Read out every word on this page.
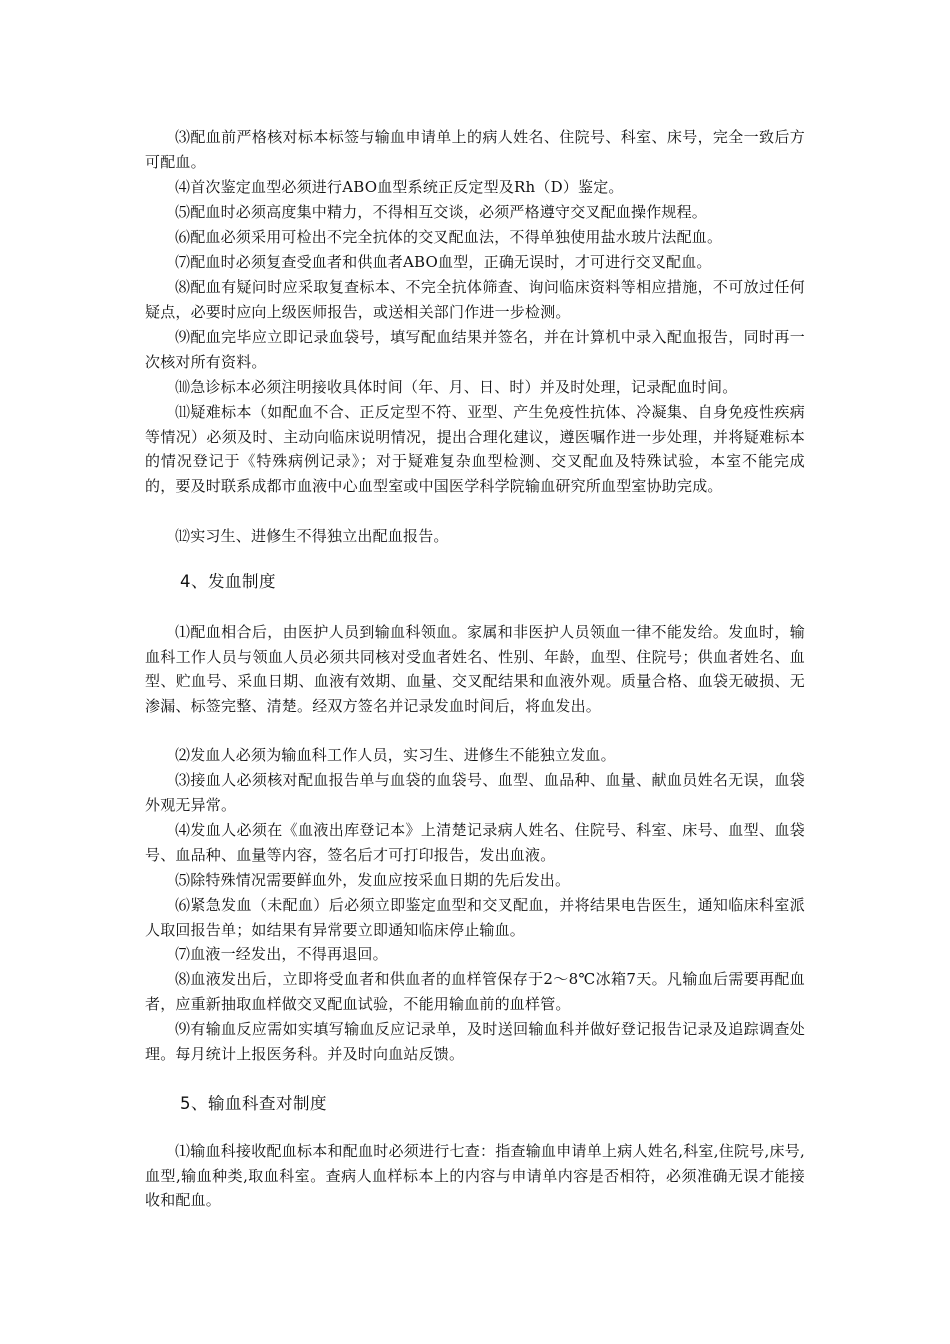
⑶配血前严格核对标本标签与输血申请单上的病人姓名、住院号、科室、床号，完全一致后方可配血。

⑷首次鉴定血型必须进行ABO血型系统正反定型及Rh（D）鉴定。

⑸配血时必须高度集中精力，不得相互交谈，必须严格遵守交叉配血操作规程。

⑹配血必须采用可检出不完全抗体的交叉配血法，不得单独使用盐水玻片法配血。

⑺配血时必须复查受血者和供血者ABO血型，正确无误时，才可进行交叉配血。

⑻配血有疑问时应采取复查标本、不完全抗体筛查、询问临床资料等相应措施，不可放过任何疑点，必要时应向上级医师报告，或送相关部门作进一步检测。

⑼配血完毕应立即记录血袋号，填写配血结果并签名，并在计算机中录入配血报告，同时再一次核对所有资料。

⑽急诊标本必须注明接收具体时间（年、月、日、时）并及时处理，记录配血时间。

⑾疑难标本（如配血不合、正反定型不符、亚型、产生免疫性抗体、冷凝集、自身免疫性疾病等情况）必须及时、主动向临床说明情况，提出合理化建议，遵医嘱作进一步处理，并将疑难标本的情况登记于《特殊病例记录》；对于疑难复杂血型检测、交叉配血及特殊试验，本室不能完成的，要及时联系成都市血液中心血型室或中国医学科学院输血研究所血型室协助完成。

⑿实习生、进修生不得独立出配血报告。

4、发血制度

⑴配血相合后，由医护人员到输血科领血。家属和非医护人员领血一律不能发给。发血时，输血科工作人员与领血人员必须共同核对受血者姓名、性别、年龄，血型、住院号；供血者姓名、血型、贮血号、采血日期、血液有效期、血量、交叉配结果和血液外观。质量合格、血袋无破损、无渗漏、标签完整、清楚。经双方签名并记录发血时间后，将血发出。

⑵发血人必须为输血科工作人员，实习生、进修生不能独立发血。

⑶接血人必须核对配血报告单与血袋的血袋号、血型、血品种、血量、献血员姓名无误，血袋外观无异常。

⑷发血人必须在《血液出库登记本》上清楚记录病人姓名、住院号、科室、床号、血型、血袋号、血品种、血量等内容，签名后才可打印报告，发出血液。

⑸除特殊情况需要鲜血外，发血应按采血日期的先后发出。

⑹紧急发血（未配血）后必须立即鉴定血型和交叉配血，并将结果电告医生，通知临床科室派人取回报告单；如结果有异常要立即通知临床停止输血。

⑺血液一经发出，不得再退回。

⑻血液发出后，立即将受血者和供血者的血样管保存于2～8℃冰箱7天。凡输血后需要再配血者，应重新抽取血样做交叉配血试验，不能用输血前的血样管。

⑼有输血反应需如实填写输血反应记录单，及时送回输血科并做好登记报告记录及追踪调查处理。每月统计上报医务科。并及时向血站反馈。

5、输血科查对制度

⑴输血科接收配血标本和配血时必须进行七查：指查输血申请单上病人姓名,科室,住院号,床号,血型,输血种类,取血科室。查病人血样标本上的内容与申请单内容是否相符，必须准确无误才能接收和配血。
